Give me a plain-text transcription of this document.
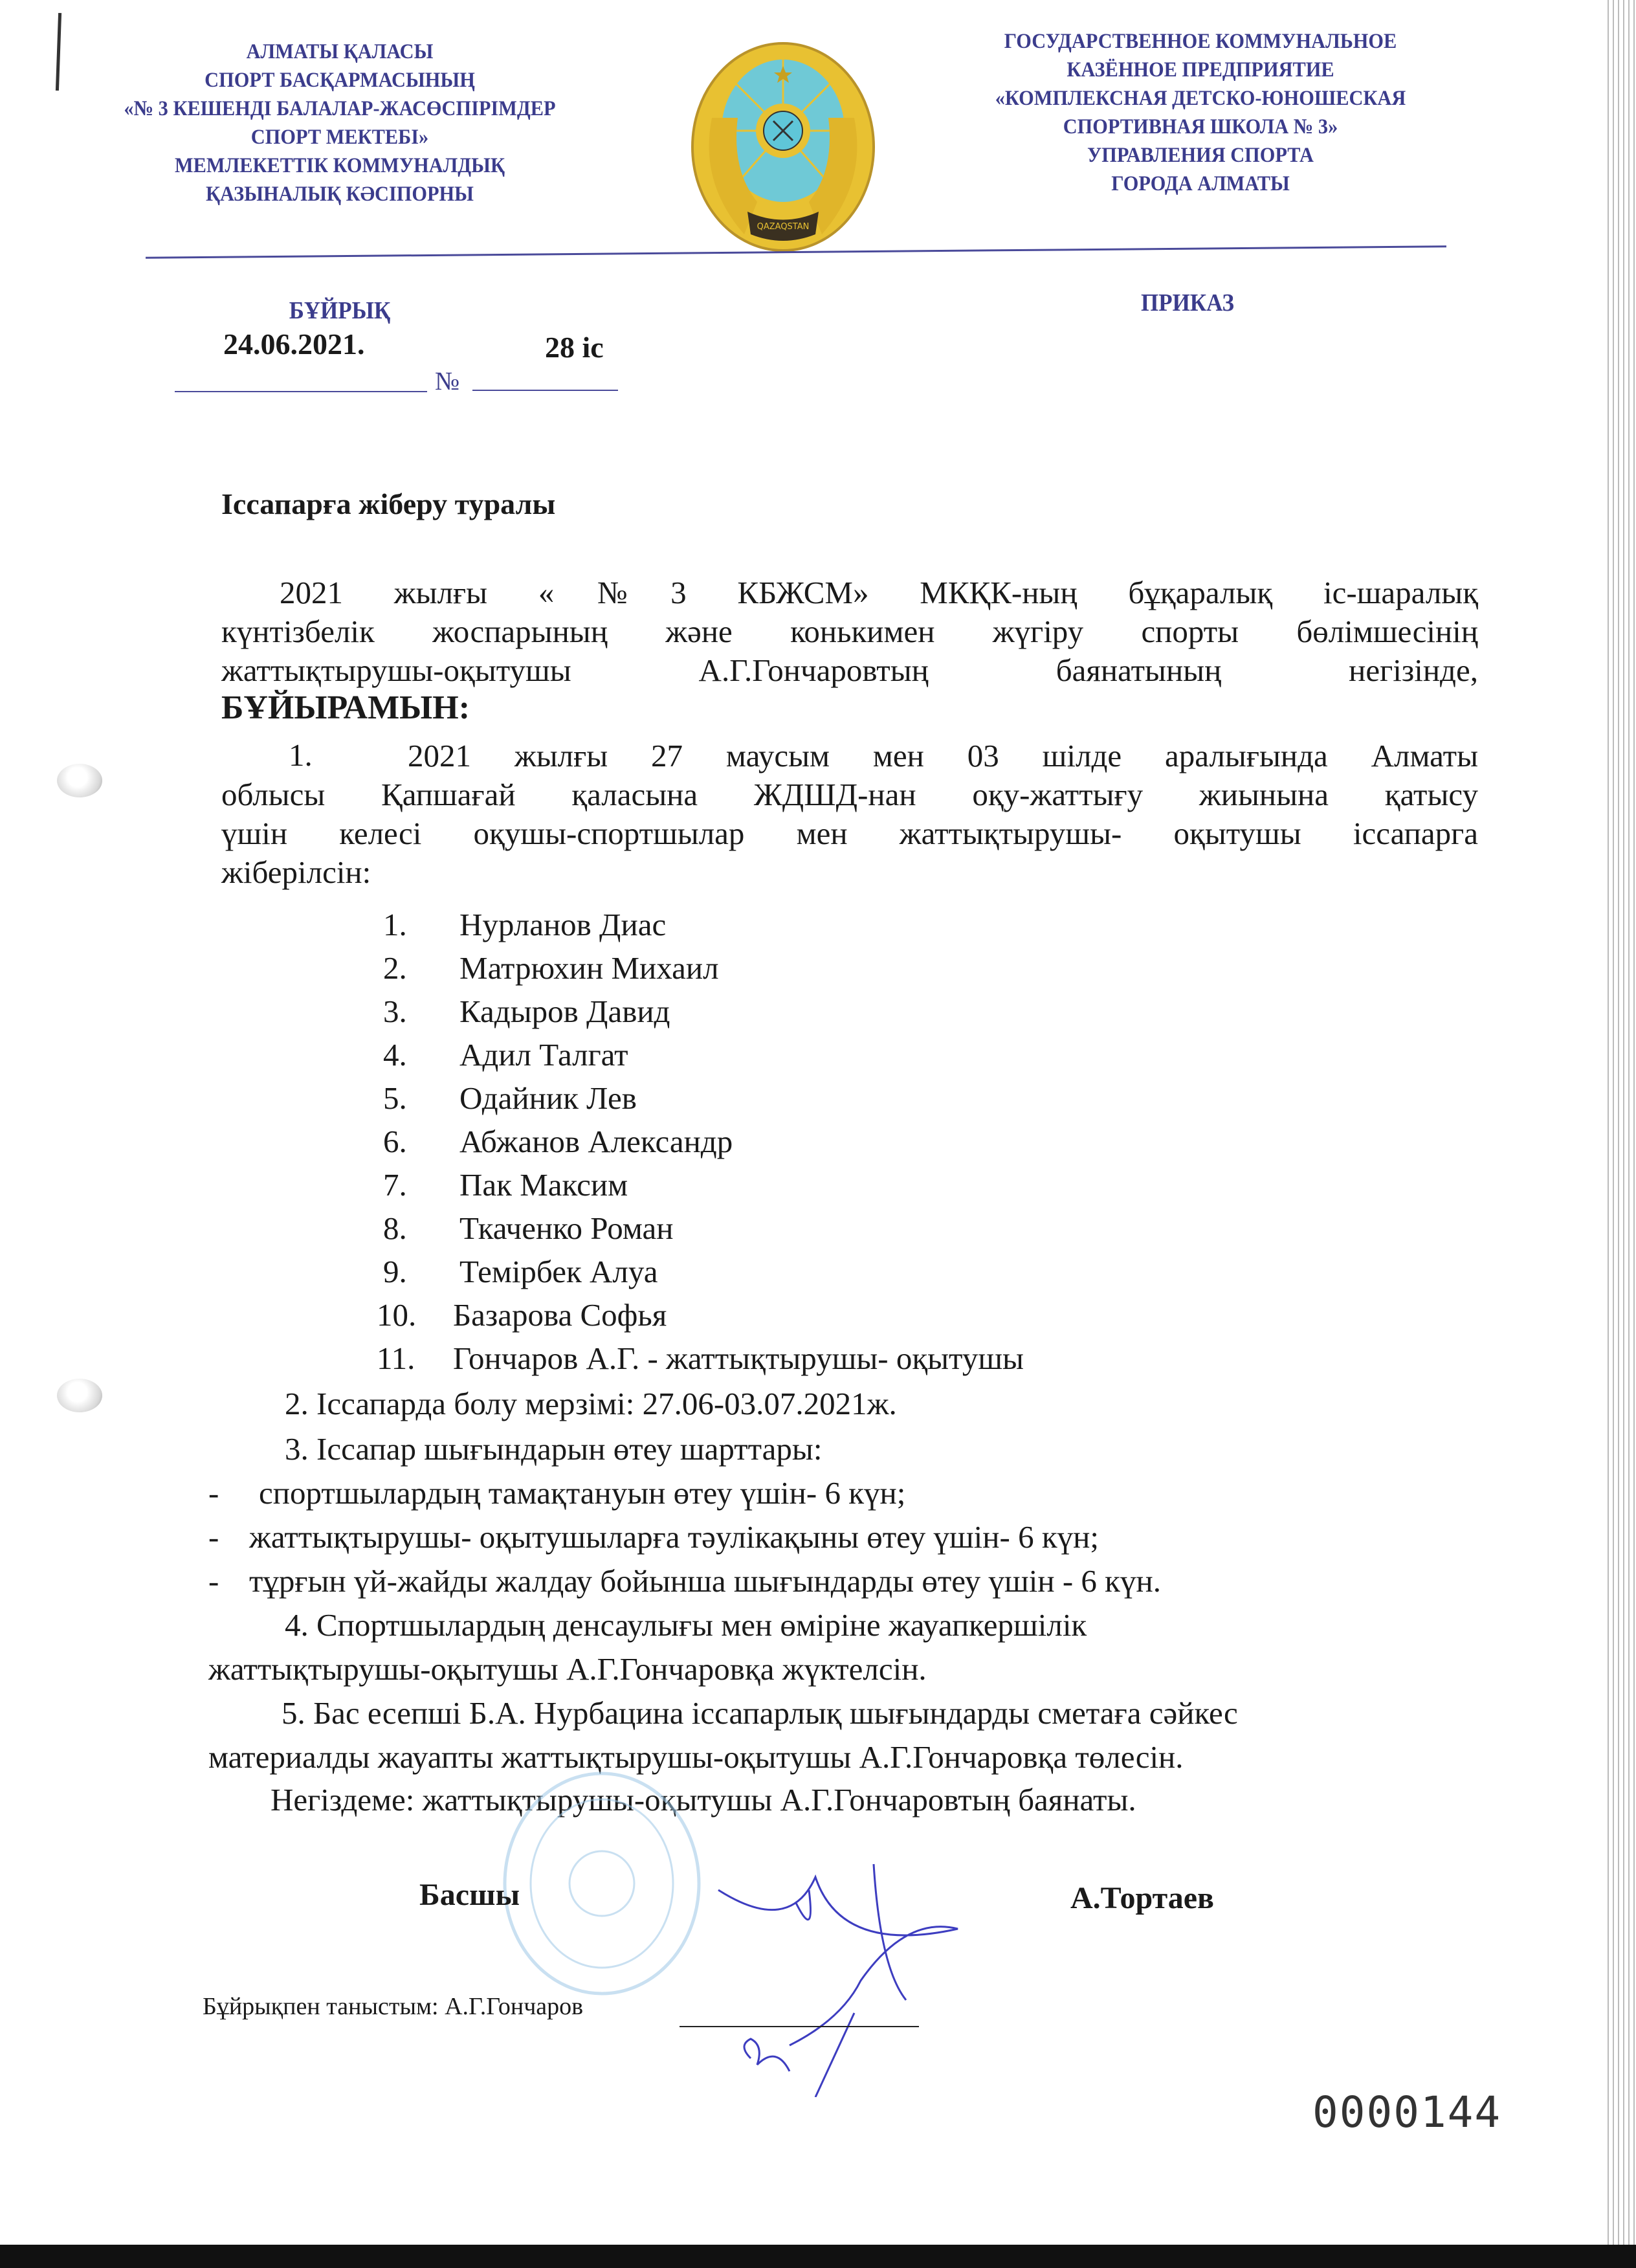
АЛМАТЫ ҚАЛАСЫ
СПОРТ БАСҚАРМАСЫНЫҢ
«№ 3 КЕШЕНДІ БАЛАЛАР-ЖАСӨСПІРІМДЕР
СПОРТ МЕКТЕБІ»
МЕМЛЕКЕТТІК КОММУНАЛДЫҚ
ҚАЗЫНАЛЫҚ КӘСІПОРНЫ
QAZAQSTAN
ГОСУДАРСТВЕННОЕ КОММУНАЛЬНОЕ
КАЗЁННОЕ ПРЕДПРИЯТИЕ
«КОМПЛЕКСНАЯ ДЕТСКО-ЮНОШЕСКАЯ
СПОРТИВНАЯ ШКОЛА № 3»
УПРАВЛЕНИЯ СПОРТА
ГОРОДА АЛМАТЫ
БҰЙРЫҚ	ПРИКАЗ
24.06.2021.	28 іс
№
Іссапарға жіберу туралы
2021 жылғы «№3 КБЖСМ» МКҚК-ның бұқаралық іс-шаралық
күнтізбелік жоспарының және конькимен жүгіру спорты бөлімшесінің
жаттықтырушы-оқытушы А.Г.Гончаровтың баянатының негізінде,
БҰЙЫРАМЫН:
1.	2021 жылғы 27 маусым мен 03 шілде аралығында Алматы
облысы Қапшағай қаласына ЖДШД-нан оқу-жаттығу жиынына қатысу
үшін келесі оқушы-спортшылар мен жаттықтырушы- оқытушы іссапарга
жіберілсін:
1. Нурланов Диас
2. Матрюхин Михаил
3. Кадыров Давид
4. Адил Талгат
5. Одайник Лев
6. Абжанов Александр
7. Пак Максим
8. Ткаченко Роман
9. Темірбек Алуа
10. Базарова Софья
11. Гончаров А.Г. - жаттықтырушы- оқытушы
2. Іссапарда болу мерзімі: 27.06-03.07.2021ж.
3. Іссапар шығындарын өтеу шарттары:
- спортшылардың тамақтануын өтеу үшін- 6 күн;
- жаттықтырушы- оқытушыларға тәулікақыны өтеу үшін- 6 күн;
- тұрғын үй-жайды жалдау бойынша шығындарды өтеу үшін - 6 күн.
4. Спортшылардың денсаулығы мен өміріне жауапкершілік
жаттықтырушы-оқытушы А.Г.Гончаровқа жүктелсін.
5. Бас есепші Б.А. Нурбацина іссапарлық шығындарды сметаға сәйкес
материалды жауапты жаттықтырушы-оқытушы А.Г.Гончаровқа төлесін.
Негіздеме: жаттықтырушы-оқытушы А.Г.Гончаровтың баянаты.
Басшы	А.Тортаев
Бұйрықпен таныстым: А.Г.Гончаров
0000144
